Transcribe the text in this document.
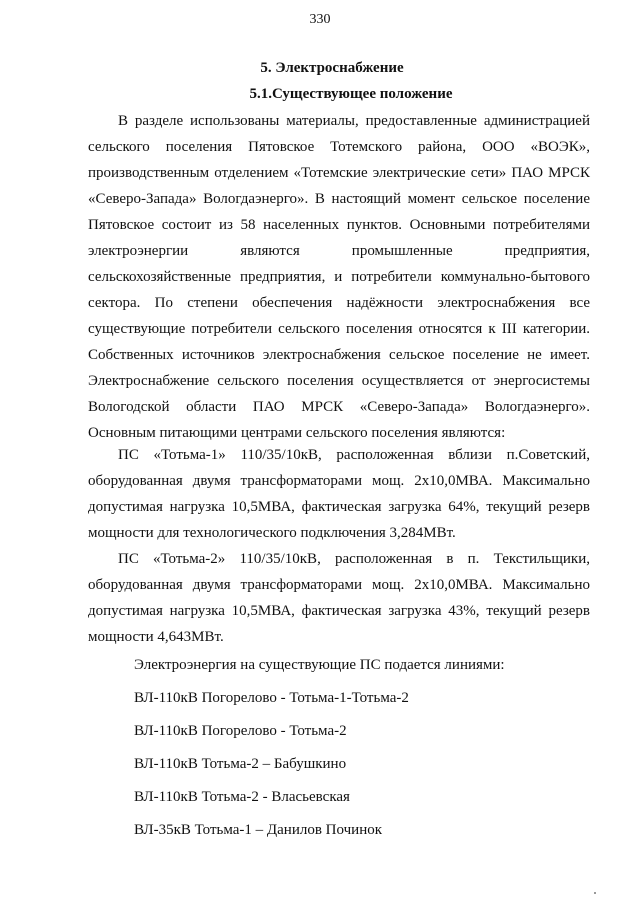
330
5. Электроснабжение
5.1.Существующее положение

В разделе использованы материалы, предоставленные администрацией сельского поселения Пятовское Тотемского района, ООО «ВОЭК», производственным отделением «Тотемские электрические сети» ПАО МРСК «Северо-Запада» Вологдаэнерго». В настоящий момент сельское поселение Пятовское состоит из 58 населенных пунктов. Основными потребителями электроэнергии являются промышленные предприятия, сельскохозяйственные предприятия, и потребители коммунально-бытового сектора. По степени обеспечения надёжности электроснабжения все существующие потребители сельского поселения относятся к III категории. Собственных источников электроснабжения сельское поселение не имеет. Электроснабжение сельского поселения осуществляется от энергосистемы Вологодской области ПАО МРСК «Северо-Запада» Вологдаэнерго». Основным питающими центрами сельского поселения являются:

ПС «Тотьма-1» 110/35/10кВ, расположенная вблизи п.Советский, оборудованная двумя трансформаторами мощ. 2х10,0МВА. Максимально допустимая нагрузка 10,5МВА, фактическая загрузка 64%, текущий резерв мощности для технологического подключения 3,284МВт.

ПС «Тотьма-2» 110/35/10кВ, расположенная в п. Текстильщики, оборудованная двумя трансформаторами мощ. 2х10,0МВА. Максимально допустимая нагрузка 10,5МВА, фактическая загрузка 43%, текущий резерв мощности 4,643МВт.

Электроэнергия на существующие ПС подается линиями:
ВЛ-110кВ Погорелово - Тотьма-1-Тотьма-2
ВЛ-110кВ Погорелово - Тотьма-2
ВЛ-110кВ Тотьма-2 – Бабушкино
ВЛ-110кВ Тотьма-2 - Власьевская
ВЛ-35кВ Тотьма-1 – Данилов Починок
